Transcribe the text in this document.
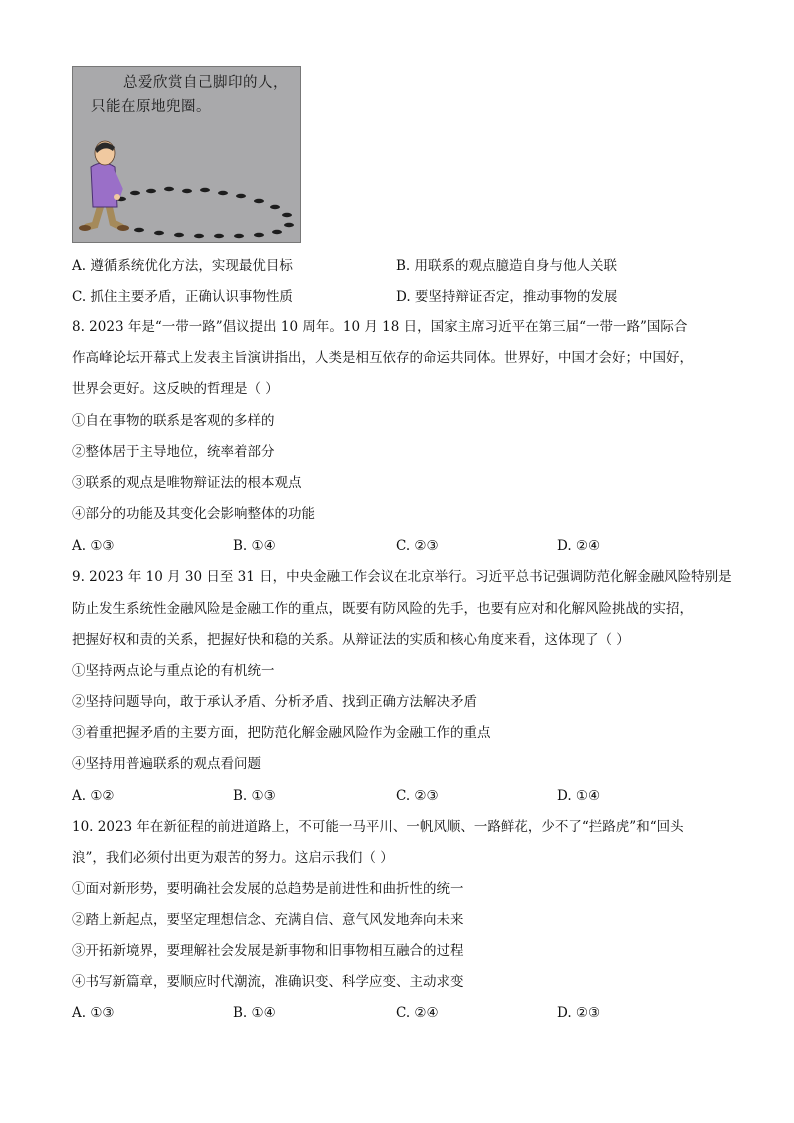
总爱欣赏自己脚印的人，
只能在原地兜圈。
A. 遵循系统优化方法，实现最优目标	B. 用联系的观点臆造自身与他人关联
C. 抓住主要矛盾，正确认识事物性质	D. 要坚持辩证否定，推动事物的发展
8. 2023 年是“一带一路”倡议提出 10 周年。10 月 18 日，国家主席习近平在第三届“一带一路”国际合
作高峰论坛开幕式上发表主旨演讲指出，人类是相互依存的命运共同体。世界好，中国才会好；中国好，
世界会更好。这反映的哲理是（ ）
①自在事物的联系是客观的多样的
②整体居于主导地位，统率着部分
③联系的观点是唯物辩证法的根本观点
④部分的功能及其变化会影响整体的功能
A. ①③	B. ①④	C. ②③	D. ②④
9. 2023 年 10 月 30 日至 31 日，中央金融工作会议在北京举行。习近平总书记强调防范化解金融风险特别是
防止发生系统性金融风险是金融工作的重点，既要有防风险的先手，也要有应对和化解风险挑战的实招，
把握好权和责的关系，把握好快和稳的关系。从辩证法的实质和核心角度来看，这体现了（ ）
①坚持两点论与重点论的有机统一
②坚持问题导向，敢于承认矛盾、分析矛盾、找到正确方法解决矛盾
③着重把握矛盾的主要方面，把防范化解金融风险作为金融工作的重点
④坚持用普遍联系的观点看问题
A. ①②	B. ①③	C. ②③	D. ①④
10. 2023 年在新征程的前进道路上，不可能一马平川、一帆风顺、一路鲜花，少不了“拦路虎”和“回头
浪”，我们必须付出更为艰苦的努力。这启示我们（ ）
①面对新形势，要明确社会发展的总趋势是前进性和曲折性的统一
②踏上新起点，要坚定理想信念、充满自信、意气风发地奔向未来
③开拓新境界，要理解社会发展是新事物和旧事物相互融合的过程
④书写新篇章，要顺应时代潮流，准确识变、科学应变、主动求变
A. ①③	B. ①④	C. ②④	D. ②③
